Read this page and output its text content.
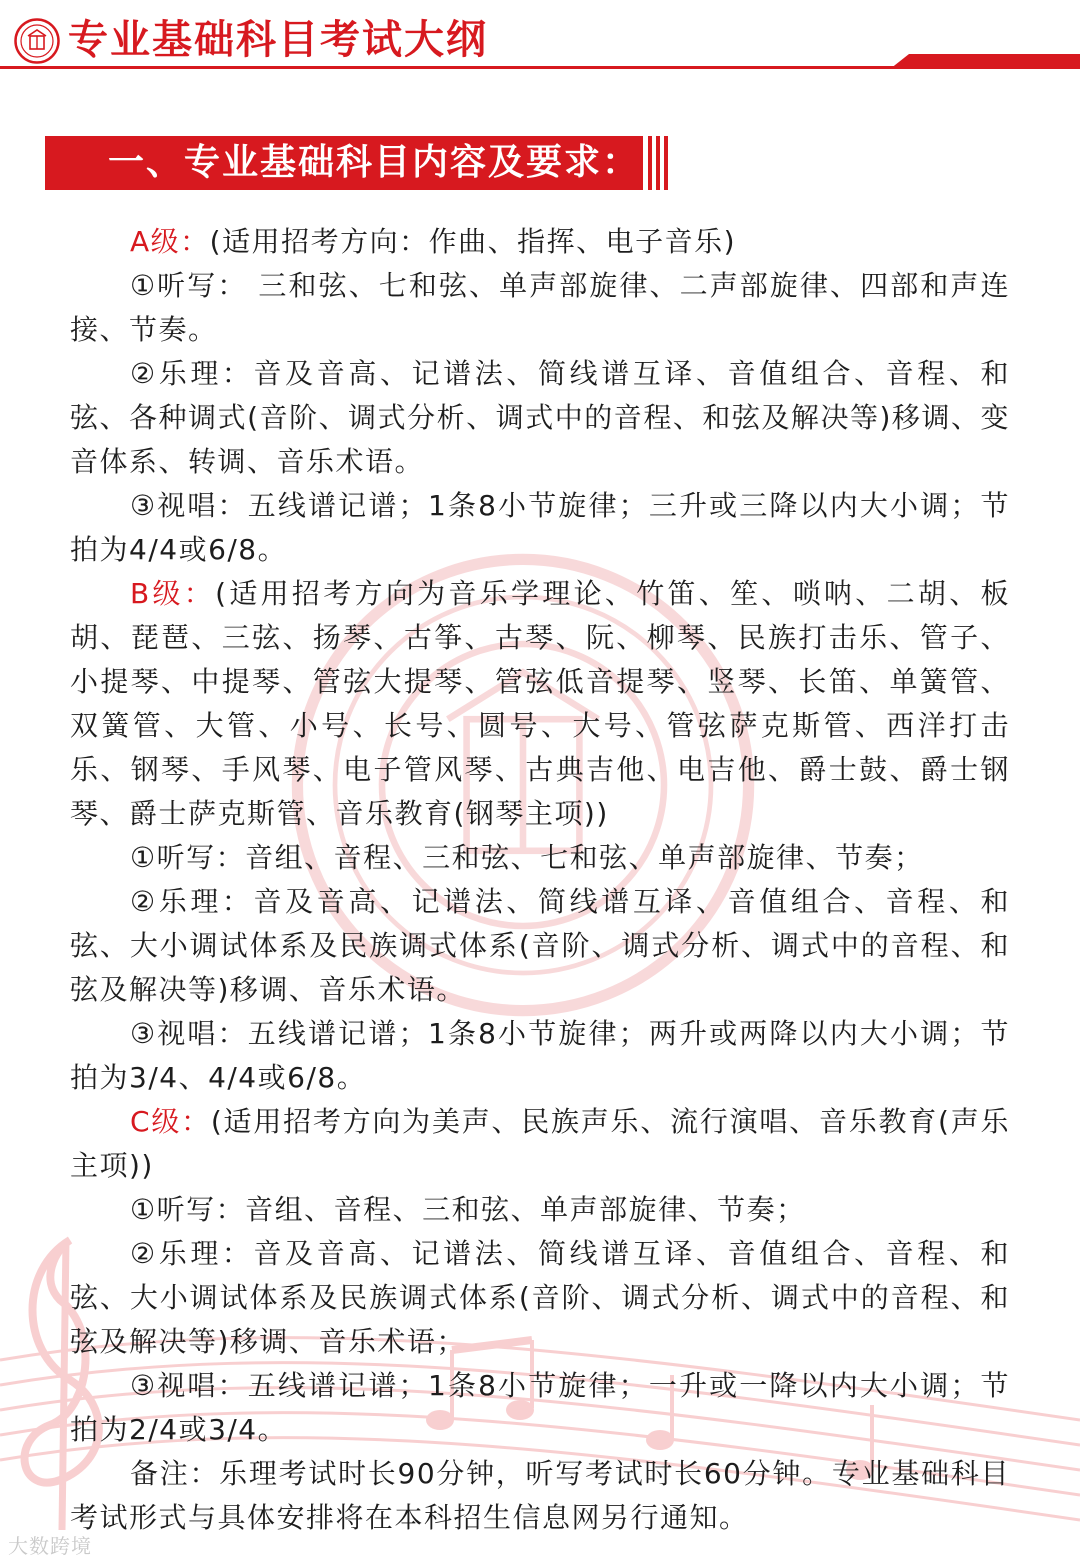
专业基础科目考试大纲
一、专业基础科目内容及要求：

A级：(适用招考方向：作曲、指挥、电子音乐)

①听写： 三和弦、七和弦、单声部旋律、二声部旋律、四部和声连接、节奏。

②乐理：音及音高、记谱法、简线谱互译、音值组合、音程、和弦、各种调式(音阶、调式分析、调式中的音程、和弦及解决等)移调、变音体系、转调、音乐术语。

③视唱：五线谱记谱；1条8小节旋律；三升或三降以内大小调；节拍为4/4或6/8。

B级：(适用招考方向为音乐学理论、竹笛、笙、唢呐、二胡、板胡、琵琶、三弦、扬琴、古筝、古琴、阮、柳琴、民族打击乐、管子、小提琴、中提琴、管弦大提琴、管弦低音提琴、竖琴、长笛、单簧管、双簧管、大管、小号、长号、圆号、大号、管弦萨克斯管、西洋打击乐、钢琴、手风琴、电子管风琴、古典吉他、电吉他、爵士鼓、爵士钢琴、爵士萨克斯管、音乐教育(钢琴主项))

①听写：音组、音程、三和弦、七和弦、单声部旋律、节奏；

②乐理：音及音高、记谱法、简线谱互译、音值组合、音程、和弦、大小调试体系及民族调式体系(音阶、调式分析、调式中的音程、和弦及解决等)移调、音乐术语。

③视唱：五线谱记谱；1条8小节旋律；两升或两降以内大小调；节拍为3/4、4/4或6/8。

C级：(适用招考方向为美声、民族声乐、流行演唱、音乐教育(声乐主项))

①听写：音组、音程、三和弦、单声部旋律、节奏；

②乐理：音及音高、记谱法、简线谱互译、音值组合、音程、和弦、大小调试体系及民族调式体系(音阶、调式分析、调式中的音程、和弦及解决等)移调、音乐术语；

③视唱：五线谱记谱；1条8小节旋律；一升或一降以内大小调；节拍为2/4或3/4。

备注：乐理考试时长90分钟，听写考试时长60分钟。专业基础科目考试形式与具体安排将在本科招生信息网另行通知。

大数跨境
